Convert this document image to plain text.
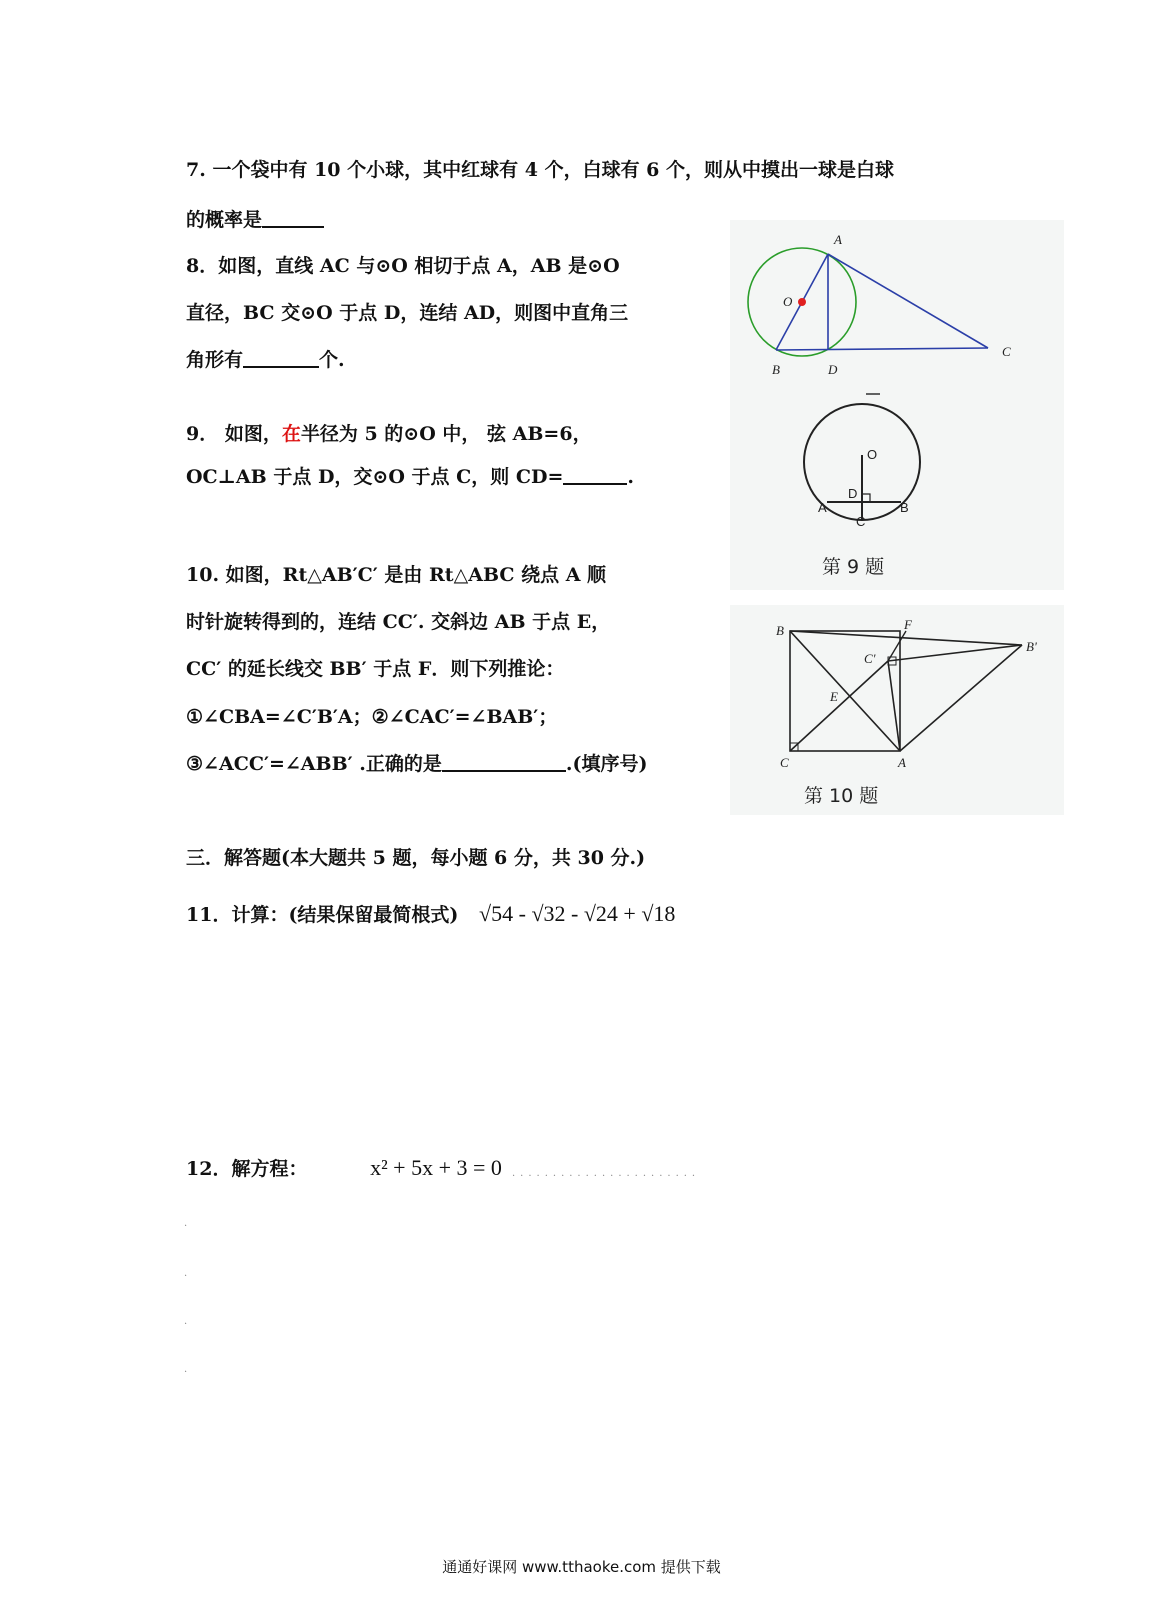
7. 一个袋中有 10 个小球，其中红球有 4 个，白球有 6 个，则从中摸出一球是白球
的概率是
8．如图，直线 AC 与⊙O 相切于点 A，AB 是⊙O
直径，BC 交⊙O 于点 D，连结 AD，则图中直角三
角形有	个.
9． 如图，在半径为 5 的⊙O 中， 弦 AB=6，
OC⊥AB 于点 D，交⊙O 于点 C，则 CD=	.
10. 如图，Rt△AB′C′ 是由 Rt△ABC 绕点 A 顺
时针旋转得到的，连结 CC′. 交斜边 AB 于点 E，
CC′ 的延长线交 BB′ 于点 F．则下列推论：
①∠CBA=∠C′B′A；②∠CAC′=∠BAB′；
③∠ACC′=∠ABB′ .正确的是	.(填序号)
三．解答题(本大题共 5 题，每小题 6 分，共 30 分.)
11．计算：(结果保留最简根式) √54 - √32 - √24 + √18
12．解方程：	x² + 5x + 3 = 0 .......................
.
.
.
.
A
O
B	D
C
O
D
A
C
B
第 9 题
B	F
C'
B'
E
C	A
第 10 题
通通好课网 www.tthaoke.com 提供下载
